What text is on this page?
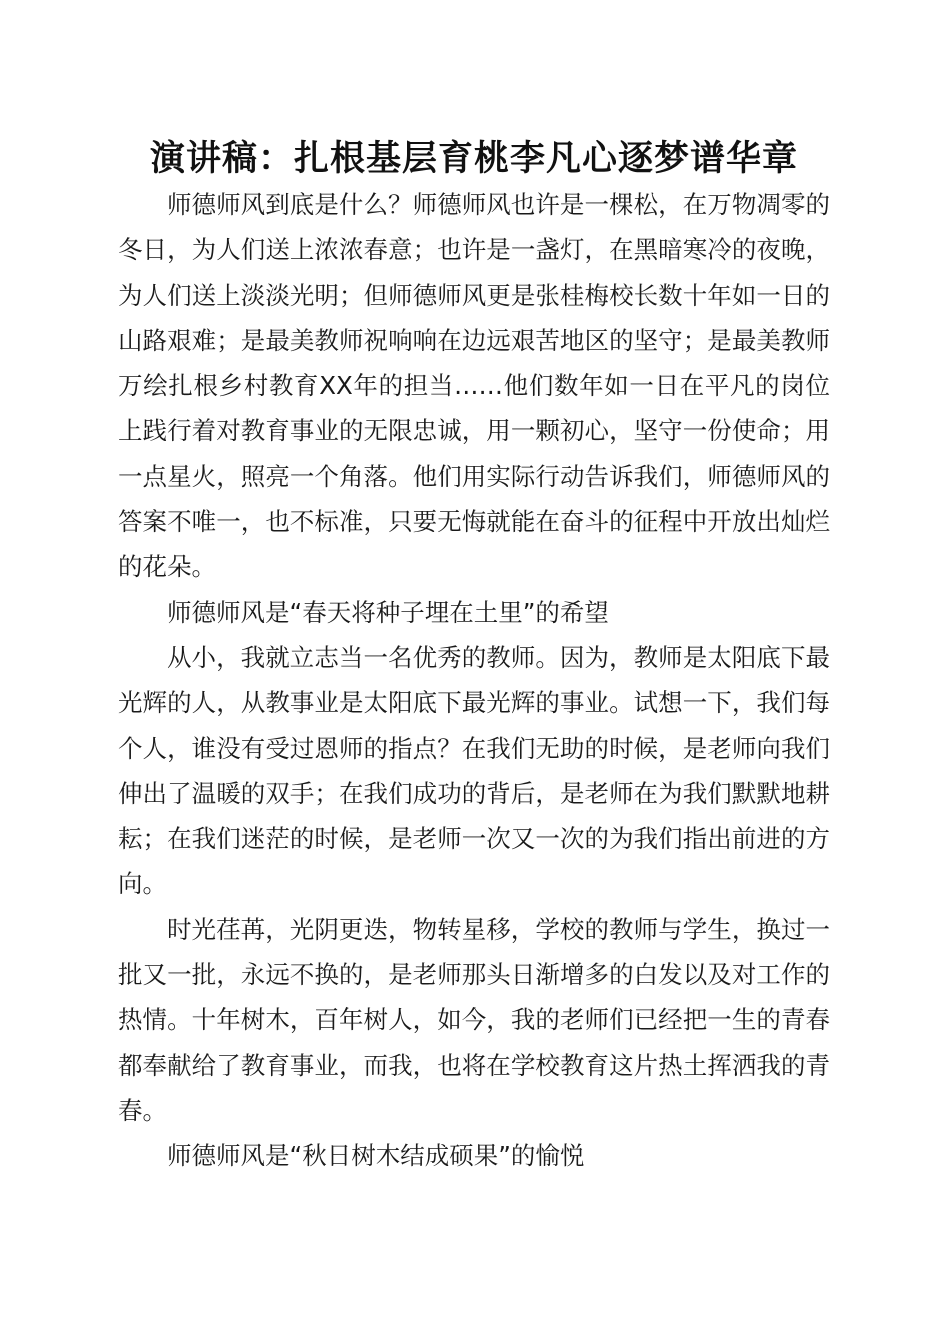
演讲稿：扎根基层育桃李凡心逐梦谱华章

师德师风到底是什么？师德师风也许是一棵松，在万物凋零的冬日，为人们送上浓浓春意；也许是一盏灯，在黑暗寒冷的夜晚，为人们送上淡淡光明；但师德师风更是张桂梅校长数十年如一日的山路艰难；是最美教师祝响响在边远艰苦地区的坚守；是最美教师万绘扎根乡村教育XX年的担当……他们数年如一日在平凡的岗位上践行着对教育事业的无限忠诚，用一颗初心，坚守一份使命；用一点星火，照亮一个角落。他们用实际行动告诉我们，师德师风的答案不唯一，也不标准，只要无悔就能在奋斗的征程中开放出灿烂的花朵。

师德师风是“春天将种子埋在土里”的希望

从小，我就立志当一名优秀的教师。因为，教师是太阳底下最光辉的人，从教事业是太阳底下最光辉的事业。试想一下，我们每个人，谁没有受过恩师的指点？在我们无助的时候，是老师向我们伸出了温暖的双手；在我们成功的背后，是老师在为我们默默地耕耘；在我们迷茫的时候，是老师一次又一次的为我们指出前进的方向。

时光荏苒，光阴更迭，物转星移，学校的教师与学生，换过一批又一批，永远不换的，是老师那头日渐增多的白发以及对工作的热情。十年树木，百年树人，如今，我的老师们已经把一生的青春都奉献给了教育事业，而我，也将在学校教育这片热土挥洒我的青春。

师德师风是“秋日树木结成硕果”的愉悦
